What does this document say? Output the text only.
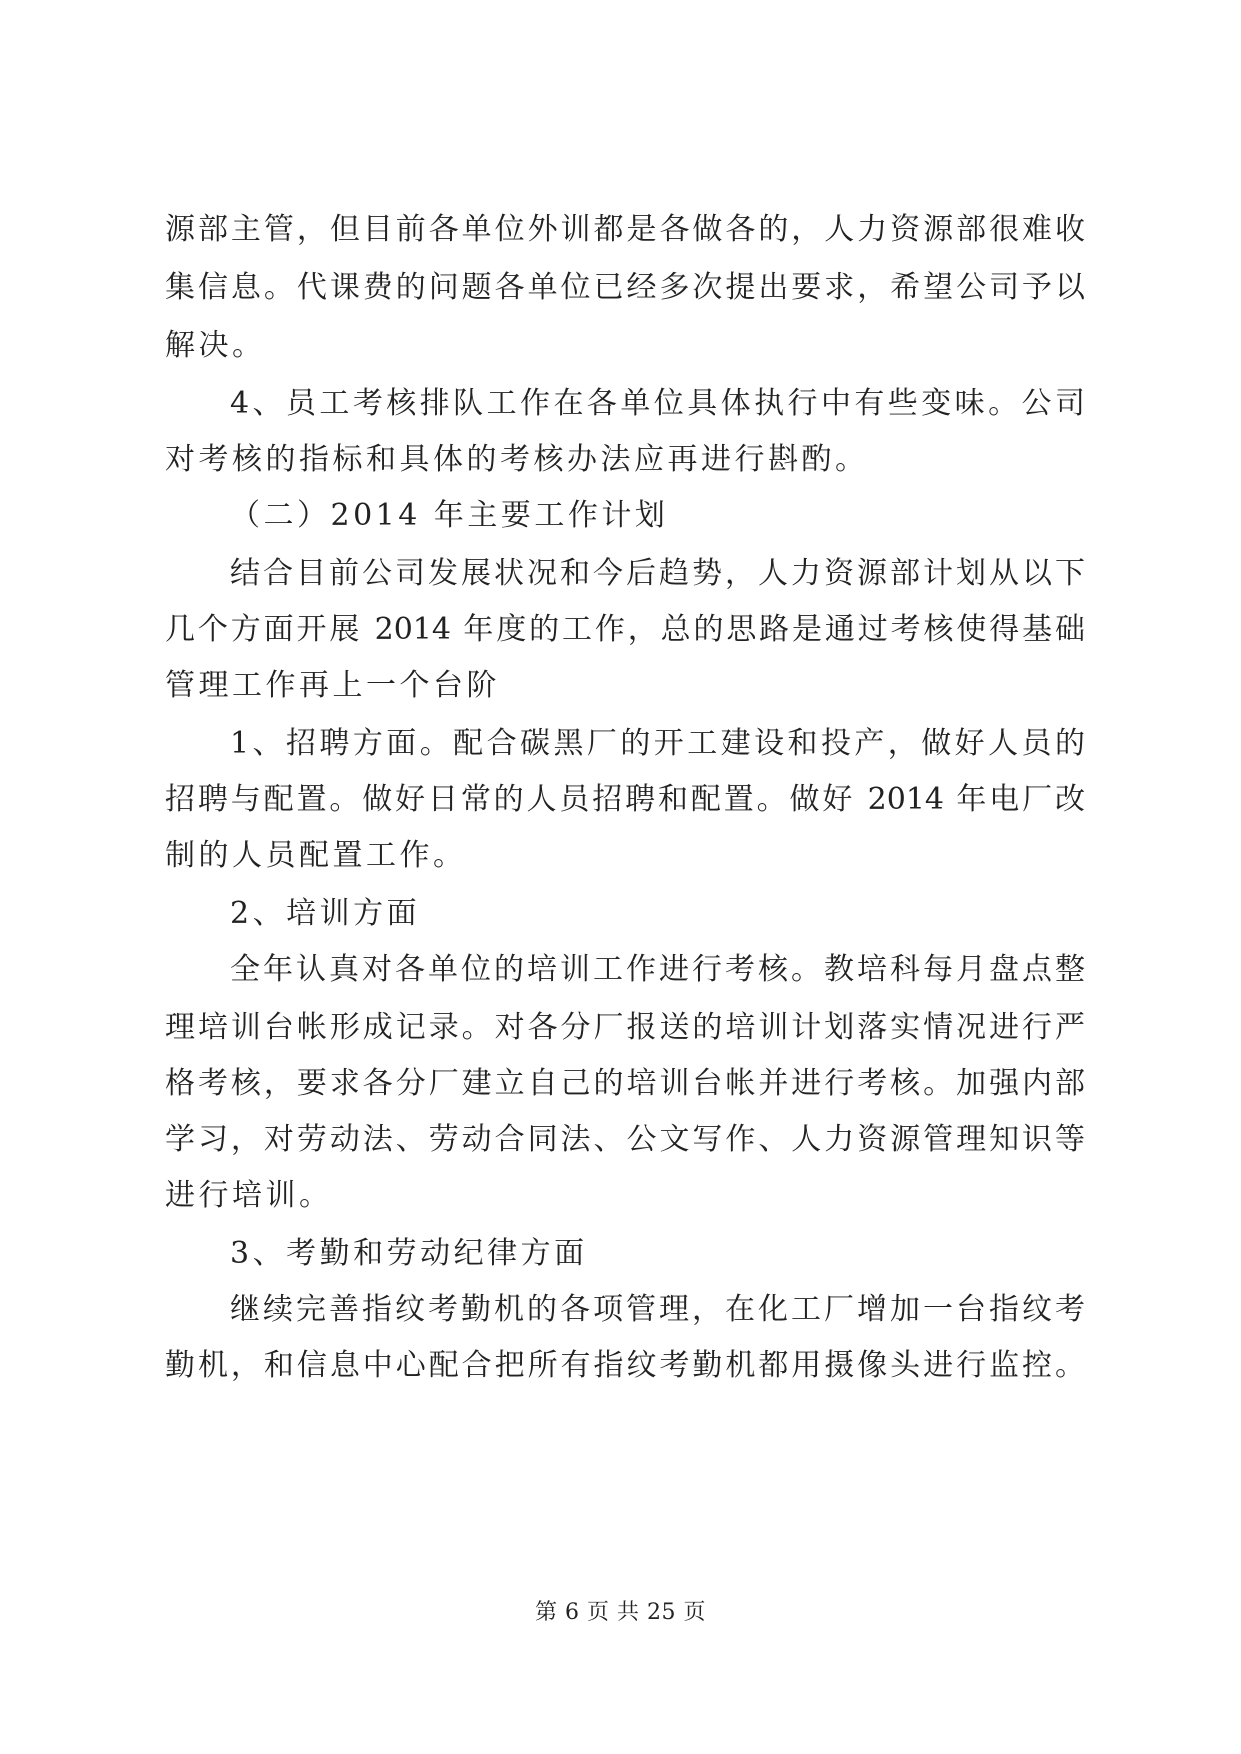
源部主管，但目前各单位外训都是各做各的，人力资源部很难收
集信息。代课费的问题各单位已经多次提出要求，希望公司予以
解决。
4、员工考核排队工作在各单位具体执行中有些变味。公司
对考核的指标和具体的考核办法应再进行斟酌。
（二）2014 年主要工作计划
结合目前公司发展状况和今后趋势，人力资源部计划从以下
几个方面开展 2014 年度的工作，总的思路是通过考核使得基础
管理工作再上一个台阶
1、招聘方面。配合碳黑厂的开工建设和投产，做好人员的
招聘与配置。做好日常的人员招聘和配置。做好 2014 年电厂改
制的人员配置工作。
2、培训方面
全年认真对各单位的培训工作进行考核。教培科每月盘点整
理培训台帐形成记录。对各分厂报送的培训计划落实情况进行严
格考核，要求各分厂建立自己的培训台帐并进行考核。加强内部
学习，对劳动法、劳动合同法、公文写作、人力资源管理知识等
进行培训。
3、考勤和劳动纪律方面
继续完善指纹考勤机的各项管理，在化工厂增加一台指纹考
勤机，和信息中心配合把所有指纹考勤机都用摄像头进行监控。
第 6 页 共 25 页
